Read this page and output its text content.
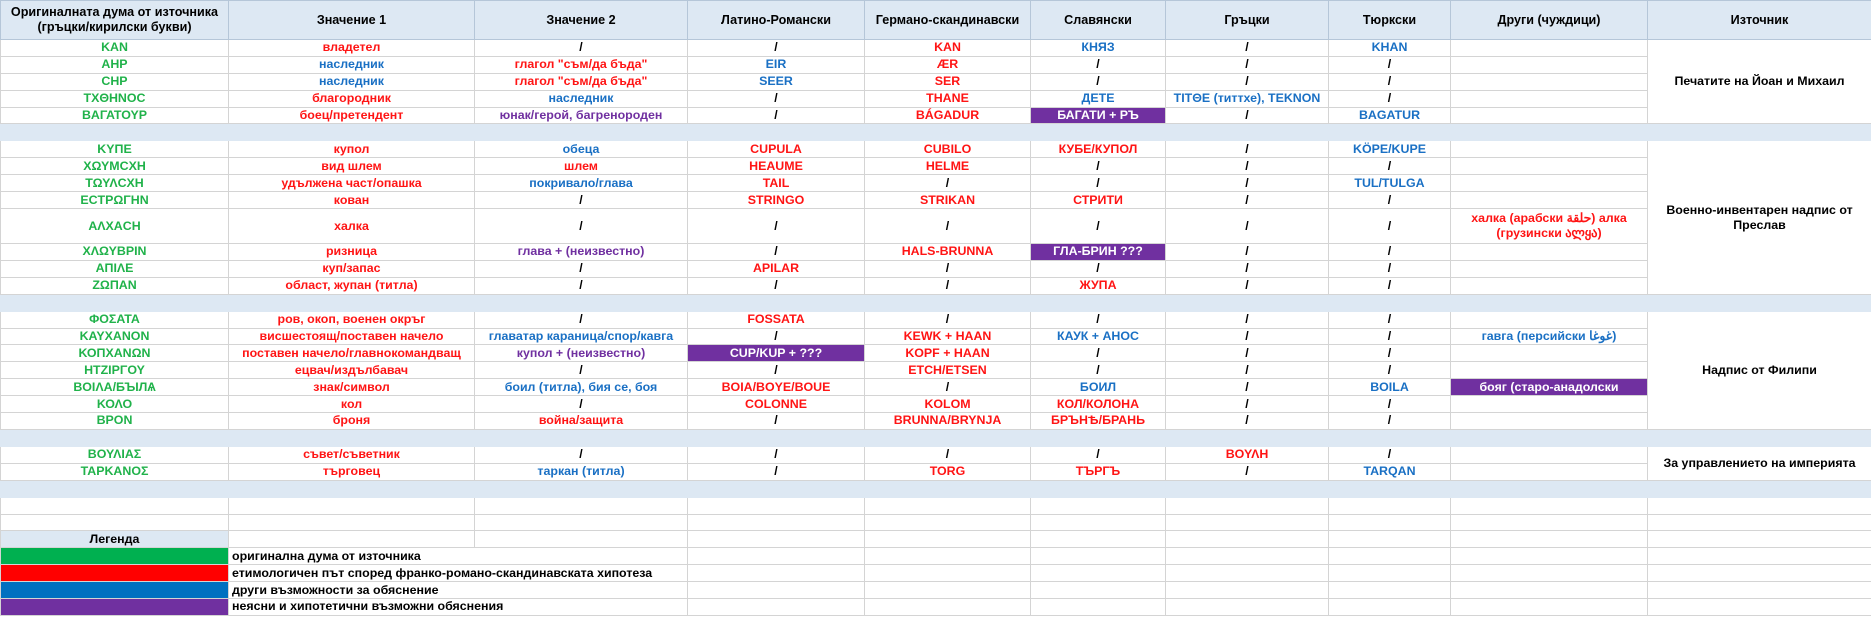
Оригиналната дума от източника (гръцки/кирилски букви)	Значение 1	Значение 2	Латино-Романски	Германо-скандинавски	Славянски	Гръцки	Тюркски	Други (чуждици)	Източник
KAN	владетел	/	/	KAN	КНЯЗ	/	KHAN		Печатите на Йоан и Михаил
AHP	наследник	глагол "съм/да бъда"	EIR	ÆR	/	/	/		
CHP	наследник	глагол "съм/да бъда"	SEER	SER	/	/	/		
TXΘHNOC	благородник	наследник	/	THANE	ДЕТЕ	TITΘE (титтхе), TEKNON	/		
ΒΑΓΑΤΟΥΡ	боец/претендент	юнак/герой, багренороден	/	BÁGADUR	БАГАТИ + РЪ	/	BAGATUR		

ΚΥΠΕ	купол	обеца	CUPULA	CUBILO	КУБЕ/КУПОЛ	/	KÖPE/KUPE		Военно-инвентарен надпис от Преслав
ΧΩΥΜСΧΗ	вид шлем	шлем	HEAUME	HELME	/	/	/		
ΤΩΥΛСΧΗ	удължена част/опашка	покривало/глава	TAIL	/	/	/	TUL/TULGA		
ΕСΤΡΩΓΗΝ	кован	/	STRINGO	STRIKAN	СТРИТИ	/	/		
ΑΛΧΑСΗ	халка	/	/	/	/	/	/	халка (арабски حلقة) алка (грузински ალყა)	
ΧΛΩΥΒΡΙΝ	ризница	глава + (неизвестно)	/	HALS-BRUNNA	ГЛА-БРИН ???	/	/		
ΑΠΙΛΕ	куп/запас	/	APILAR	/	/	/	/		
ΖΩΠΑΝ	област, жупан (титла)	/	/	/	ЖУПА	/	/		

ΦΟΣΑΤΑ	ров, окоп, военен окръг	/	FOSSATA	/	/	/	/		Надпис от Филипи
ΚΑΥΧΑΝΟΝ	висшестоящ/поставен начело	главатар караница/спор/кавга	/	KEWK + HAAN	КАУК + АНОС	/	/	гавга (персийски غوغا)	
ΚΟΠΧΑΝΩΝ	поставен начело/главнокомандващ	купол + (неизвестно)	CUP/KUP + ???	KOPF + HAAN	/	/	/		
ΗΤΖΙΡΓΟΥ	ецвач/издълбавач	/	/	ETCH/ETSEN	/	/	/		
ΒΟΙΛΑ/БЪІЛѦ	знак/символ	боил (титла), бия се, боя	BOIA/BOYE/BOUE	/	БОИЛ	/	BOILA	бояг (старо-анадолски	
ΚΟΛΟ	кол	/	COLONNE	KOLOM	КОЛ/КОЛОНА	/	/		
ΒΡΟΝ	броня	война/защита	/	BRUNNA/BRYNJA	БРЪНѢ/БРАНЬ	/	/		

ΒΟΥΛΙΑΣ	съвет/съветник	/	/	/	/	ΒΟΥΛΗ	/		За управлението на империята
ΤΑΡΚΑΝΟΣ	търговец	таркан (титла)	/	TORG	ТЪРГЪ	/	TARQAN		

Легенда									
	оригинална дума от източника								
	етимологичен път според франко-романо-скандинавската хипотеза								
	други възможности за обяснение								
	неясни и хипотетични възможни обяснения								
